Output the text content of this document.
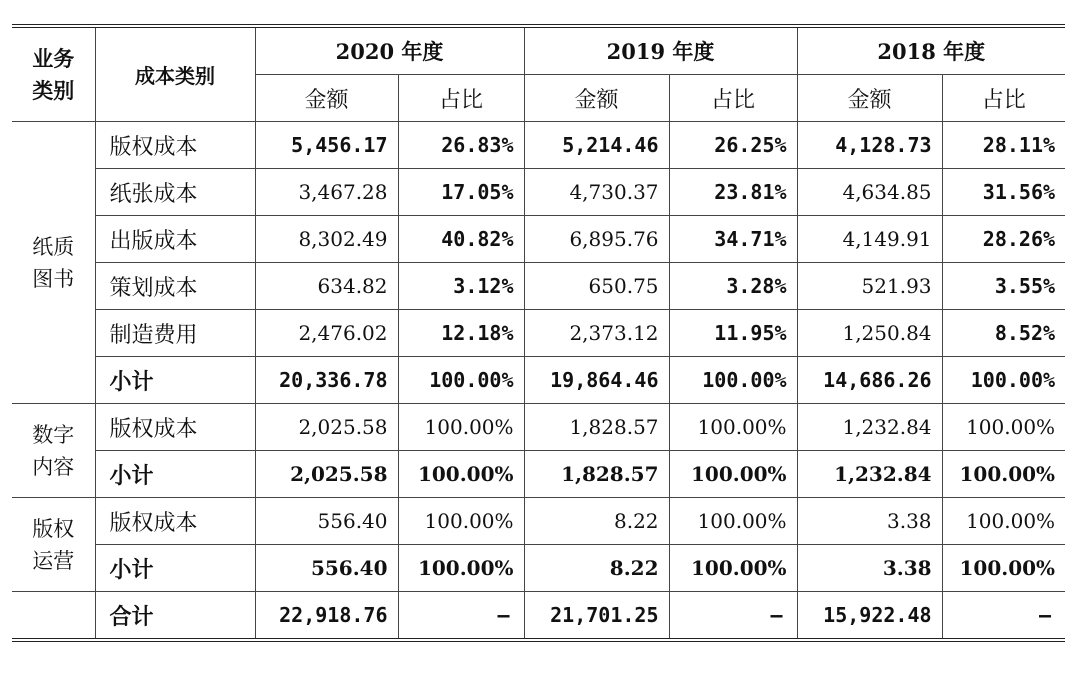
业务类别	成本类别	2020 年度		2019 年度		2018 年度	
		金额	占比	金额	占比	金额	占比
纸质图书	版权成本	5,456.17	26.83%	5,214.46	26.25%	4,128.73	28.11%
	纸张成本	3,467.28	17.05%	4,730.37	23.81%	4,634.85	31.56%
	出版成本	8,302.49	40.82%	6,895.76	34.71%	4,149.91	28.26%
	策划成本	634.82	3.12%	650.75	3.28%	521.93	3.55%
	制造费用	2,476.02	12.18%	2,373.12	11.95%	1,250.84	8.52%
	小计	20,336.78	100.00%	19,864.46	100.00%	14,686.26	100.00%
数字内容	版权成本	2,025.58	100.00%	1,828.57	100.00%	1,232.84	100.00%
	小计	2,025.58	100.00%	1,828.57	100.00%	1,232.84	100.00%
版权运营	版权成本	556.40	100.00%	8.22	100.00%	3.38	100.00%
	小计	556.40	100.00%	8.22	100.00%	3.38	100.00%
	合计	22,918.76	–	21,701.25	–	15,922.48	–
